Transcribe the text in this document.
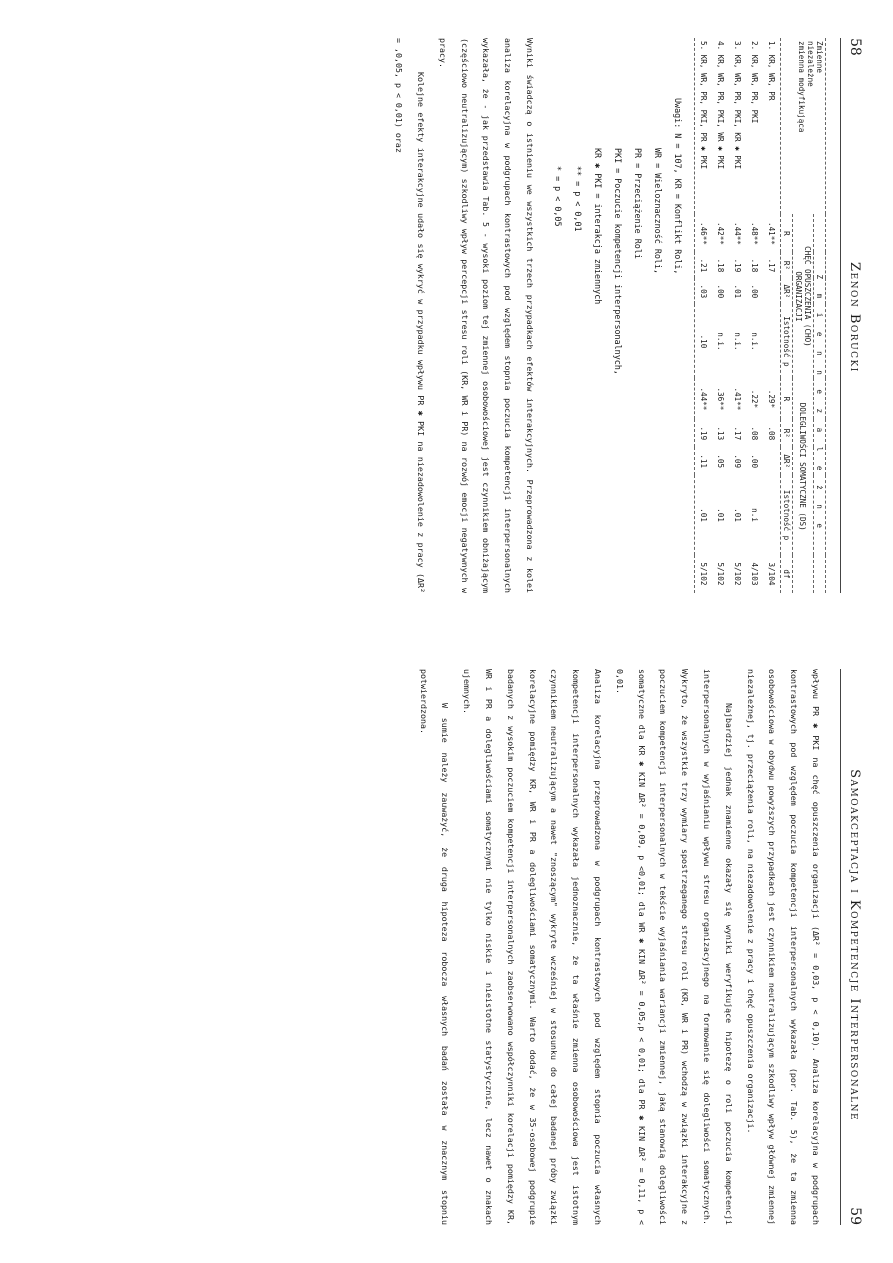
58
Zenon Borucki
Zmienne
niezależne
zmienna modyfikująca	Z m i e n n e z a l e ż n e								

	CHĘĆ OPUSZCZENIA (CHO)
ORGANIZACJI				DOLEGLIWOŚCI SOMATYCZNE (DS)				
	R	R²	ΔR²	Istotność p	R	R²	ΔR²	Istotność p	df
1. KR, WR, PR	.41**	.17			.29*	.08			3/104
2. KR, WR, PR, PKI	.48**	.18	.00	n.i.	.22*	.08	.00	n.i	4/103
3. KR, WR, PR, PKI, KR ✱ PKI	.44**	.19	.01	n.i.	.41**	.17	.09	.01	5/102
4. KR, WR, PR, PKI, WR ✱ PKI	.42**	.18	.00	n.i.	.36**	.13	.05	.01	5/102
5. KR, WR, PR, PKI, PR ✱ PKI	.46**	.21	.03	.10	.44**	.19	.11	.01	5/102
Uwagi: N = 107, KR = Konflikt Roli,
WR = Wieloznaczność Roli,
PR = Przeciążenie Roli
PKI = Poczucie kompetencji interpersonalnych,
KR ✱ PKI = interakcja zmiennych
** = p < 0,01
* = p < 0,05

Wyniki świadczą o istnieniu we wszystkich trzech przypadkach efektów interakcyjnych. Przeprowadzona z kolei analiza korelacyjna w podgrupach kontrastowych pod względem stopnia poczucia kompetencji interpersonalnych wykazała, że - jak przedstawia Tab. 5 - wysoki poziom tej zmiennej osobowościowej jest czynnikiem obniżającym (częściowo neutralizującym) szkodliwy wpływ percepcji stresu roli (KR, WR i PR) na rozwój emocji negatywnych w pracy.

Kolejne efekty interakcyjne udało się wykryć w przypadku wpływu PR ✱ PKI na niezadowolenie z pracy (ΔR² = ,0,05, p < 0,01) oraz

Samoakceptacja i Kompetencje Interpersonalne
59

wpływu PR ✱ PKI na chęć opuszczenia organizacji (ΔR² = 0,03, p < 0,10). Analiza korelacyjna w podgrupach kontrastowych pod względem poczucia kompetencji interpersonalnych wykazała (por. Tab. 5), że ta zmienna osobowościowa w obydwu powyższych przypadkach jest czynnikiem neutralizującym szkodliwy wpływ głównej zmiennej niezależnej, tj. przeciążenia roli, na niezadowolenie z pracy i chęć opuszczenia organizacji.

Najbardziej jednak znamienne okazały się wyniki weryfikujące hipotezę o roli poczucia kompetencji interpersonalnych w wyjaśnianiu wpływu stresu organizacyjnego na formowanie się dolegliwości somatycznych. Wykryto, że wszystkie trzy wymiary spostrzeganego stresu roli (KR, WR i PR) wchodzą w związki interakcyjne z poczuciem kompetencji interpersonalnych w tekście wyjaśniania wariancji zmiennej, jaką stanowią dolegliwości somatyczne dla KR ✱ KIN ΔR² = 0,09, p <0,01; dla WR ✱ KIN ΔR² = 0,05,p < 0,01; dla PR ✱ KIN ΔR² = 0,11, p < 0,01.

Analiza korelacyjna przeprowadzona w podgrupach kontrastowych pod względem stopnia poczucia własnych kompetencji interpersonalnych wykazała jednoznacznie, że ta właśnie zmienna osobowościowa jest istotnym czynnikiem neutralizującym a nawet "znoszącym" wykryte wcześniej w stosunku do całej badanej próby związki korelacyjne pomiędzy KR, WR i PR a dolegliwościami somatycznymi. Warto dodać, że w 35-osobowej podgrupie badanych z wysokim poczuciem kompetencji interpersonalnych zaobserwowano współczynniki korelacji pomiędzy KR, WR i PR a dolegliwościami somatycznymi nie tylko niskie i nieistotne statystycznie, lecz nawet o znakach ujemnych.

W sumie należy zauważyć, że druga hipoteza robocza własnych badań została w znacznym stopniu potwierdzona.
